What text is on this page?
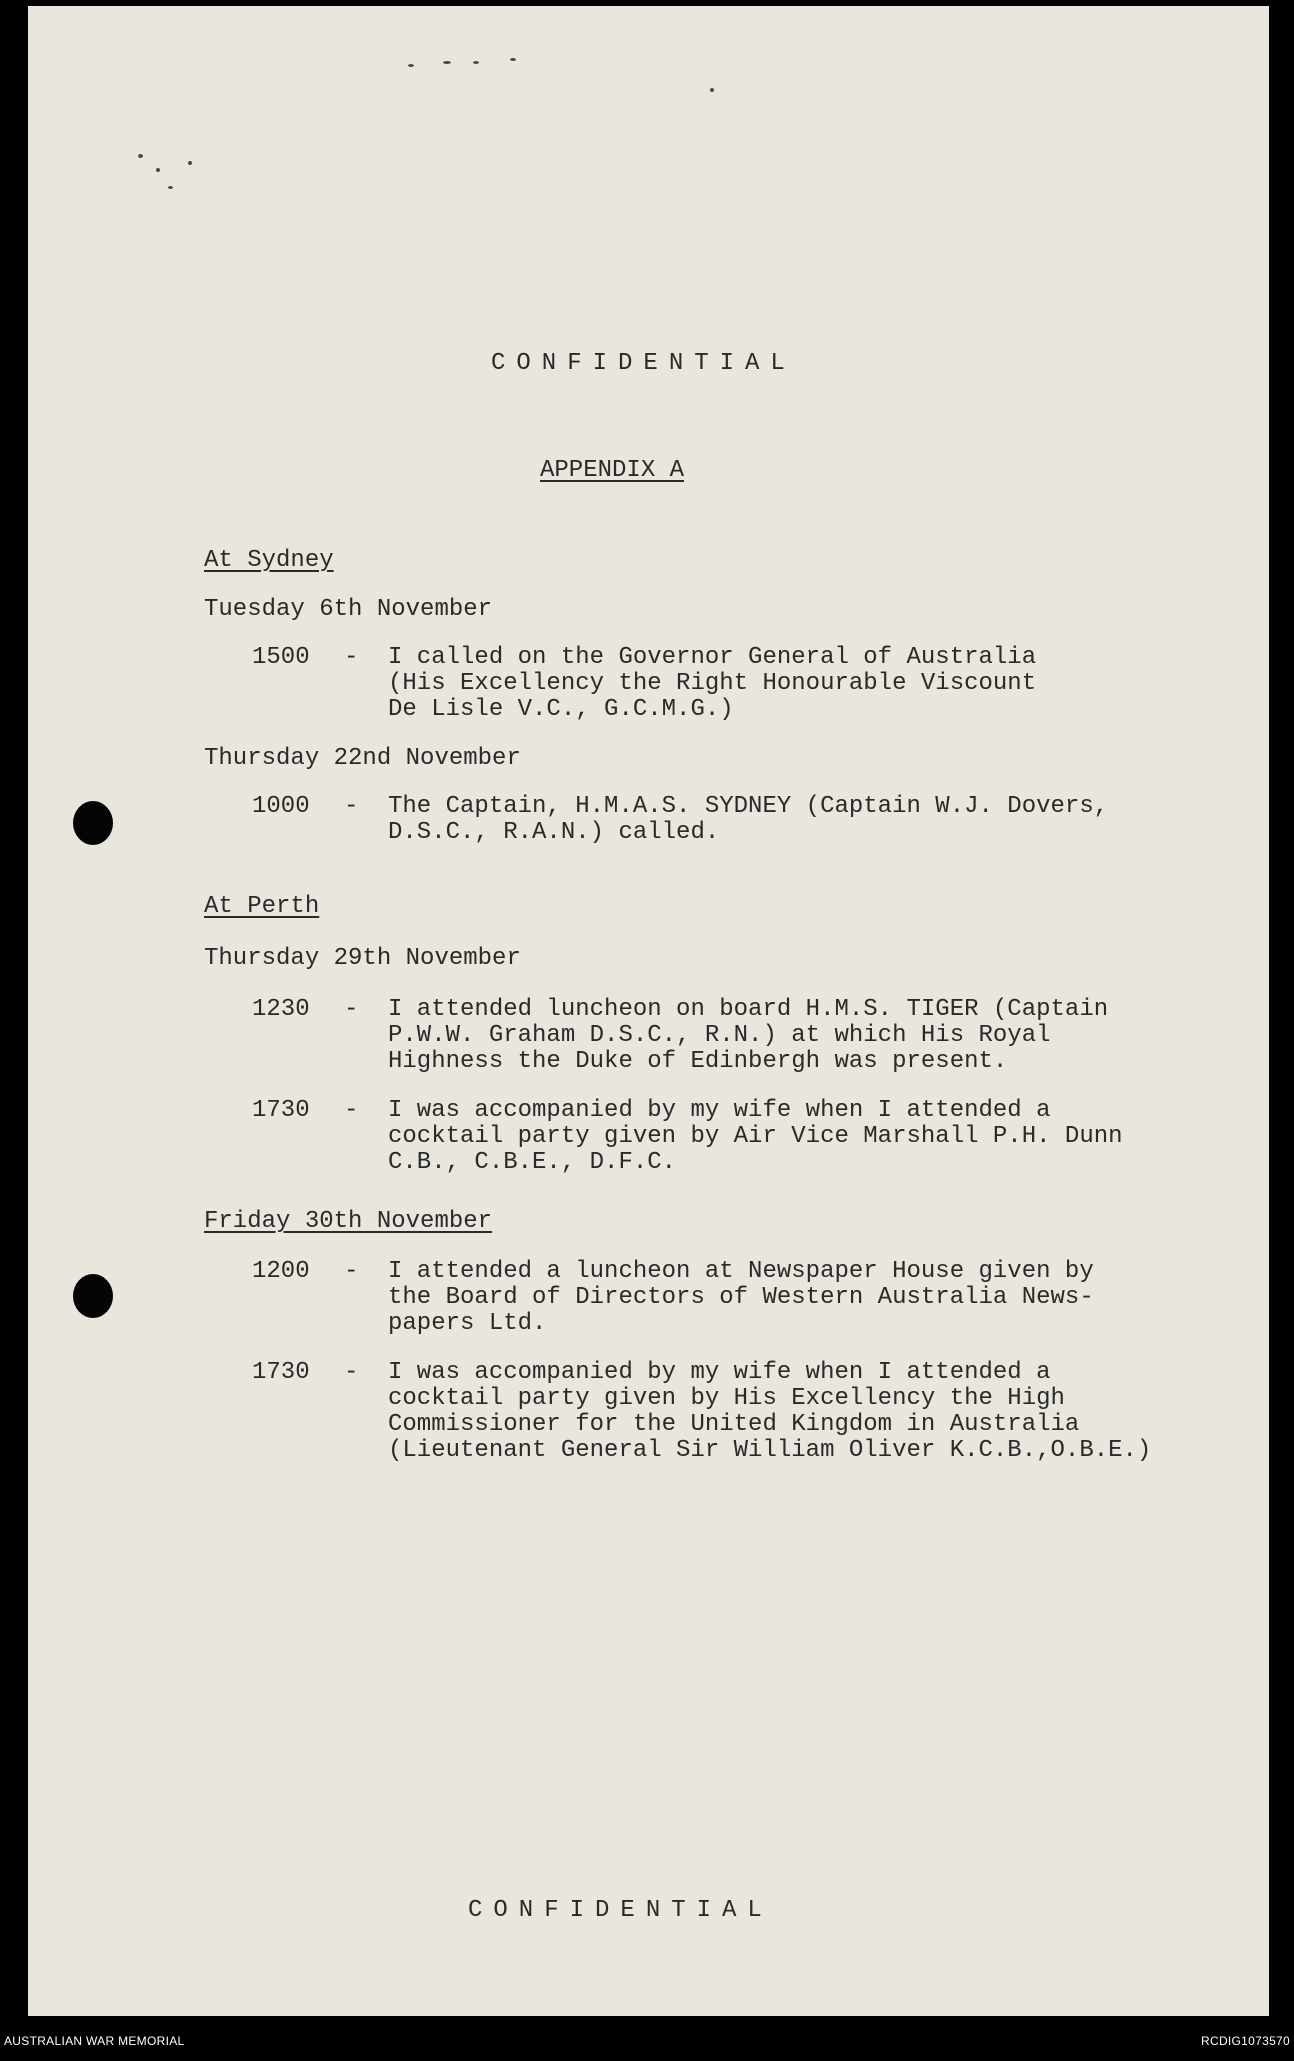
CONFIDENTIAL
APPENDIX A
At Sydney
Tuesday 6th November
1500 - I called on the Governor General of Australia
(His Excellency the Right Honourable Viscount
De Lisle V.C., G.C.M.G.)
Thursday 22nd November
1000 - The Captain, H.M.A.S. SYDNEY (Captain W.J. Dovers,
D.S.C., R.A.N.) called.
At Perth
Thursday 29th November
1230 - I attended luncheon on board H.M.S. TIGER (Captain
P.W.W. Graham D.S.C., R.N.) at which His Royal
Highness the Duke of Edinbergh was present.
1730 - I was accompanied by my wife when I attended a
cocktail party given by Air Vice Marshall P.H. Dunn
C.B., C.B.E., D.F.C.
Friday 30th November
1200 - I attended a luncheon at Newspaper House given by
the Board of Directors of Western Australia News-
papers Ltd.
1730 - I was accompanied by my wife when I attended a
cocktail party given by His Excellency the High
Commissioner for the United Kingdom in Australia
(Lieutenant General Sir William Oliver K.C.B.,O.B.E.)
CONFIDENTIAL
AUSTRALIAN WAR MEMORIAL	RCDIG1073570
